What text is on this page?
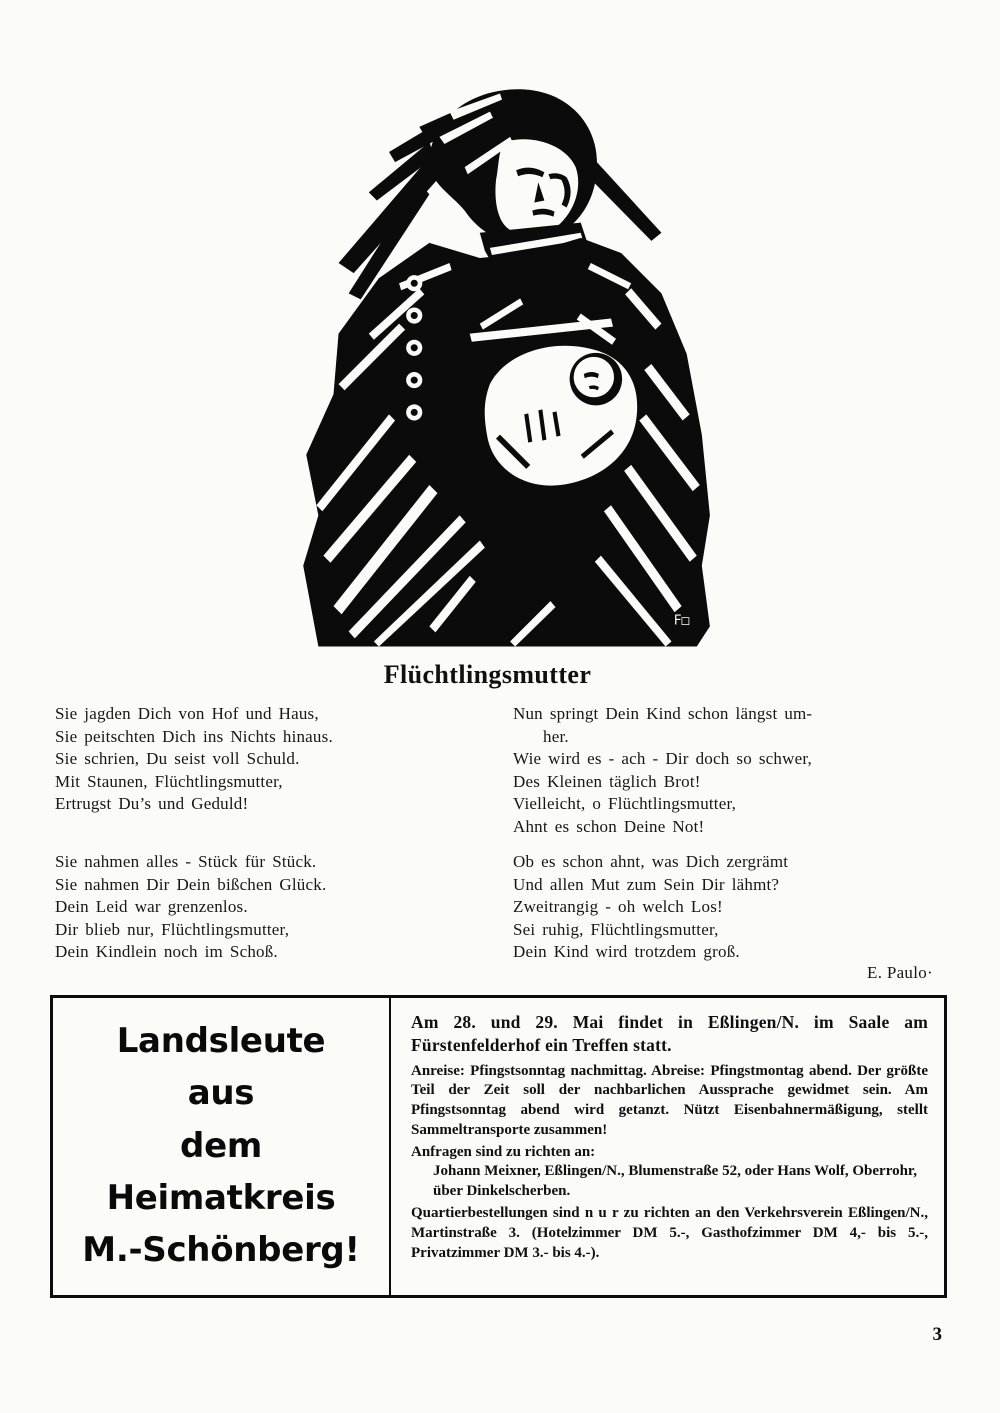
F□
Flüchtlingsmutter
Sie jagden Dich von Hof und Haus,
Sie peitschten Dich ins Nichts hinaus.
Sie schrien, Du seist voll Schuld.
Mit Staunen, Flüchtlingsmutter,
Ertrugst Du’s und Geduld!
Sie nahmen alles - Stück für Stück.
Sie nahmen Dir Dein bißchen Glück.
Dein Leid war grenzenlos.
Dir blieb nur, Flüchtlingsmutter,
Dein Kindlein noch im Schoß.
Nun springt Dein Kind schon längst um-
her.
Wie wird es - ach - Dir doch so schwer,
Des Kleinen täglich Brot!
Vielleicht, o Flüchtlingsmutter,
Ahnt es schon Deine Not!
Ob es schon ahnt, was Dich zergrämt
Und allen Mut zum Sein Dir lähmt?
Zweitrangig - oh welch Los!
Sei ruhig, Flüchtlingsmutter,
Dein Kind wird trotzdem groß.
E. Paulo·
Landsleute
aus
dem
Heimatkreis
M.-Schönberg!
Am 28. und 29. Mai findet in Eßlingen/N. im Saale am Fürstenfelderhof ein Treffen statt.
Anreise: Pfingstsonntag nachmittag. Abreise: Pfingstmontag abend. Der größte Teil der Zeit soll der nachbarlichen Aussprache gewidmet sein. Am Pfingstsonntag abend wird getanzt. Nützt Eisenbahnermäßigung, stellt Sammeltransporte zusammen!
Anfragen sind zu richten an:
Johann Meixner, Eßlingen/N., Blumenstraße 52, oder Hans Wolf, Oberrohr, über Dinkelscherben.
Quartierbestellungen sind n u r zu richten an den Verkehrsverein Eßlingen/N., Martinstraße 3. (Hotelzimmer DM 5.-, Gasthofzimmer DM 4,- bis 5.-, Privatzimmer DM 3.- bis 4.-).
3
